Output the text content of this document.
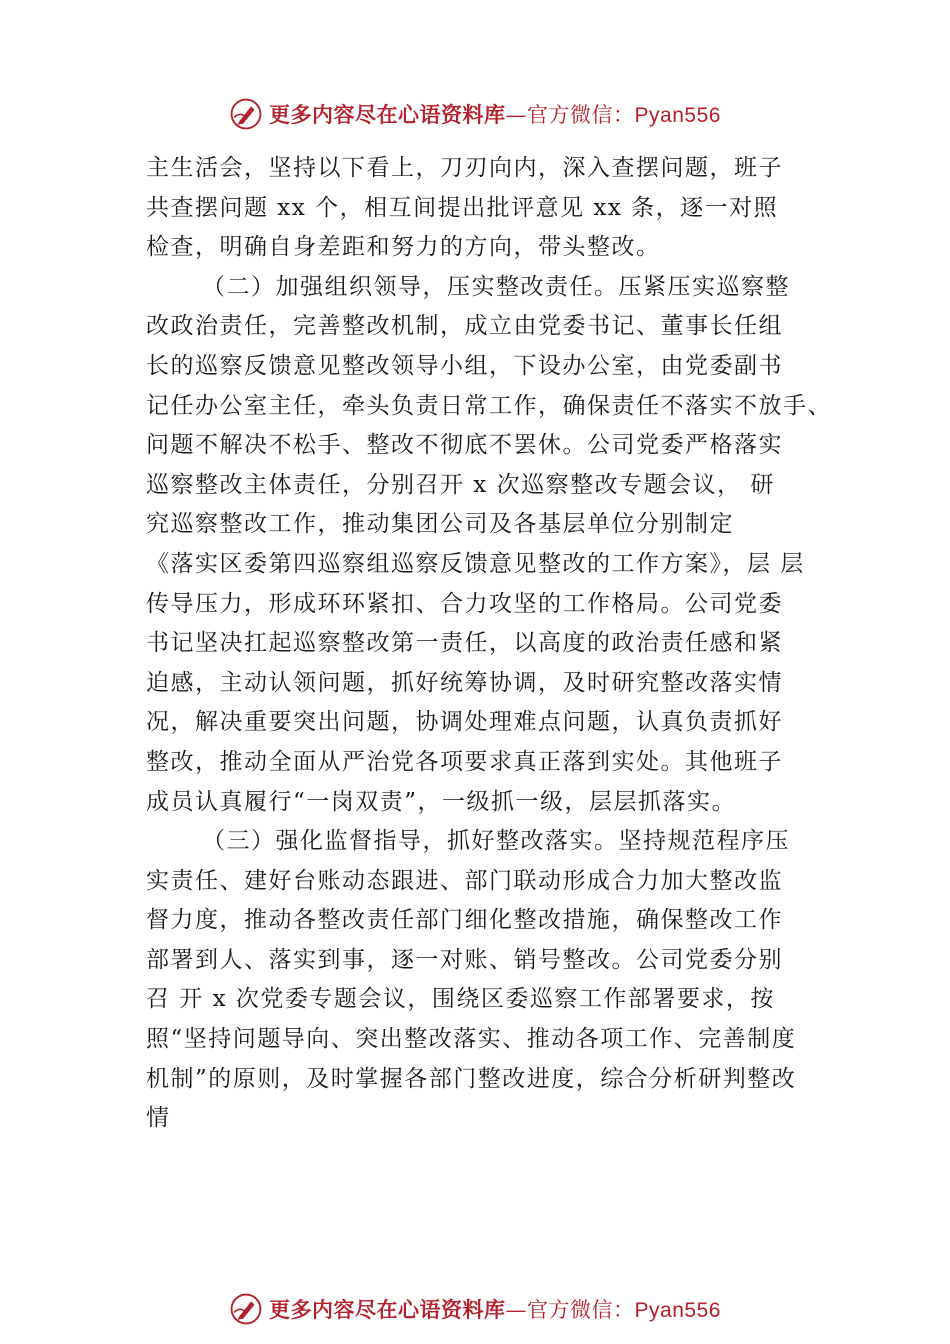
更多内容尽在心语资料库—官方微信：Pyan556
主生活会，坚持以下看上，刀刃向内，深入查摆问题，班子
共查摆问题 xx 个，相互间提出批评意见 xx 条，逐一对照
检查，明确自身差距和努力的方向，带头整改。
（二）加强组织领导，压实整改责任。压紧压实巡察整
改政治责任，完善整改机制，成立由党委书记、董事长任组
长的巡察反馈意见整改领导小组，下设办公室，由党委副书
记任办公室主任，牵头负责日常工作，确保责任不落实不放手、
问题不解决不松手、整改不彻底不罢休。公司党委严格落实
巡察整改主体责任，分别召开 x 次巡察整改专题会议， 研
究巡察整改工作，推动集团公司及各基层单位分别制定
《落实区委第四巡察组巡察反馈意见整改的工作方案》，层 层
传导压力，形成环环紧扣、合力攻坚的工作格局。公司党委
书记坚决扛起巡察整改第一责任，以高度的政治责任感和紧
迫感，主动认领问题，抓好统筹协调，及时研究整改落实情
况，解决重要突出问题，协调处理难点问题，认真负责抓好
整改，推动全面从严治党各项要求真正落到实处。其他班子
成员认真履行“一岗双责”，一级抓一级，层层抓落实。
（三）强化监督指导，抓好整改落实。坚持规范程序压
实责任、建好台账动态跟进、部门联动形成合力加大整改监
督力度，推动各整改责任部门细化整改措施，确保整改工作
部署到人、落实到事，逐一对账、销号整改。公司党委分别
召 开 x 次党委专题会议，围绕区委巡察工作部署要求，按
照“坚持问题导向、突出整改落实、推动各项工作、完善制度
机制”的原则，及时掌握各部门整改进度，综合分析研判整改
情
更多内容尽在心语资料库—官方微信：Pyan556
